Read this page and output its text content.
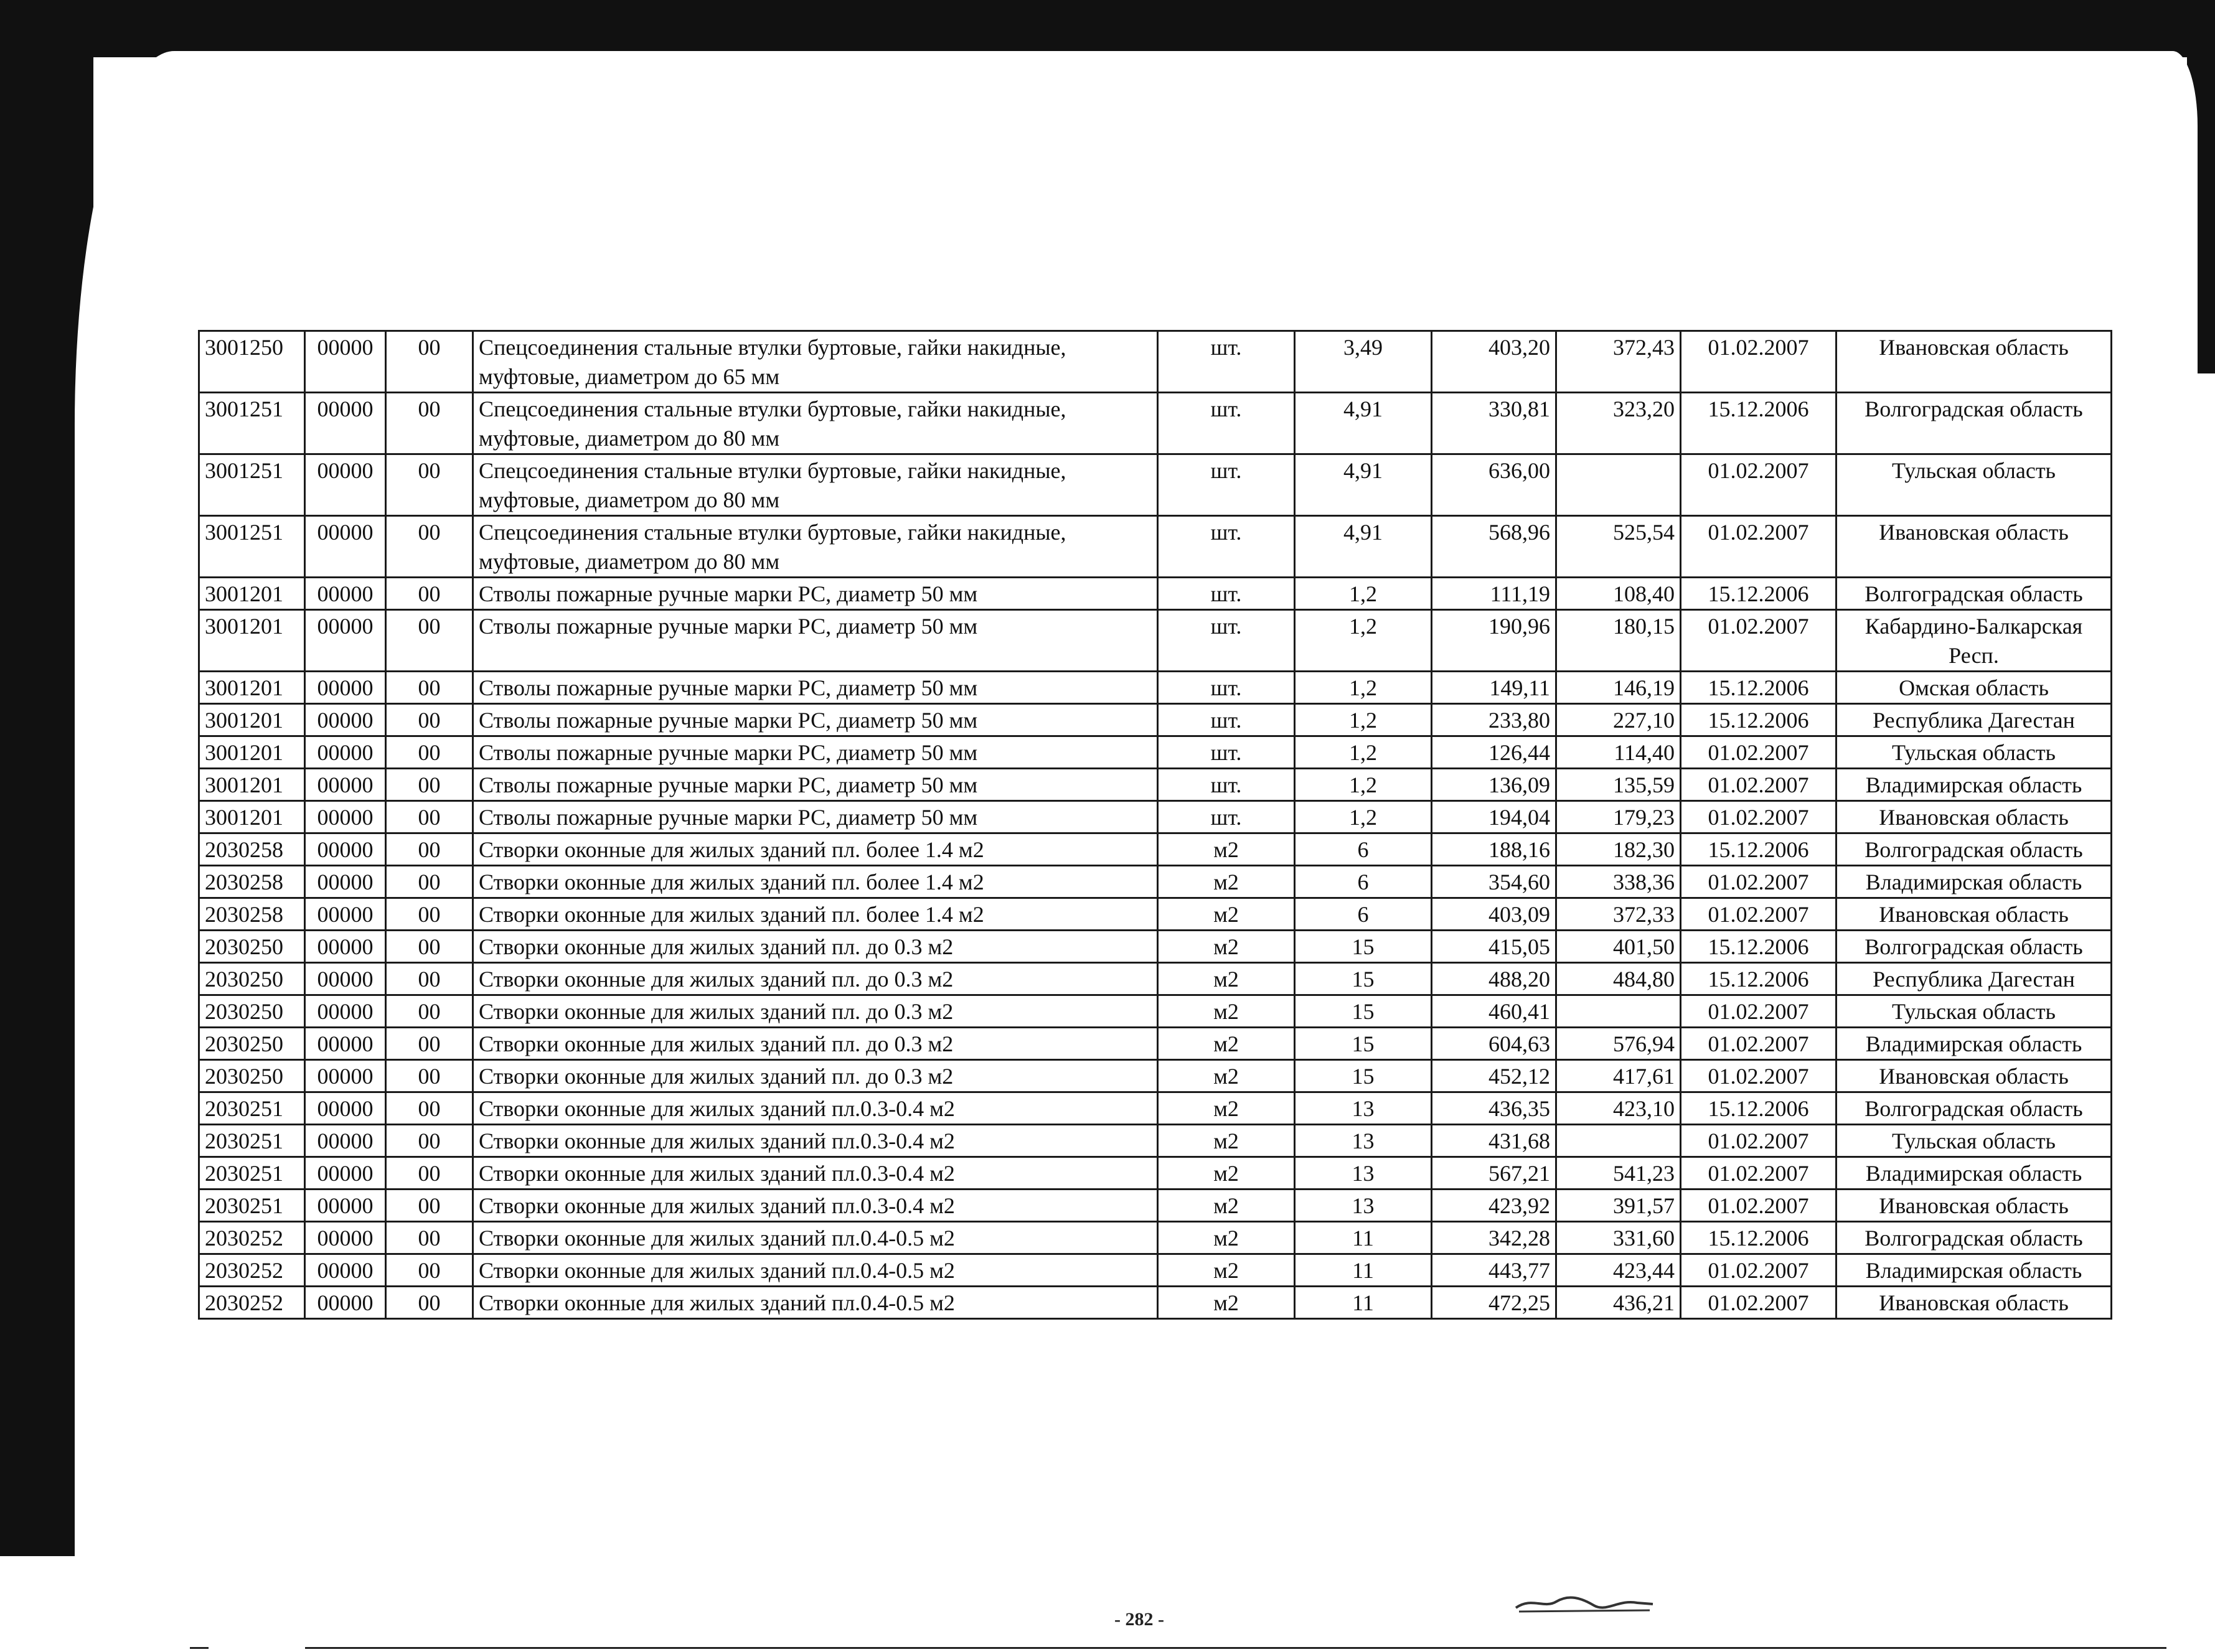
3001250	00000	00	Спецсоединения стальные втулки буртовые, гайки накидные, муфтовые, диаметром до 65 мм	шт.	3,49	403,20	372,43	01.02.2007	Ивановская область
3001251	00000	00	Спецсоединения стальные втулки буртовые, гайки накидные, муфтовые, диаметром до 80 мм	шт.	4,91	330,81	323,20	15.12.2006	Волгоградская область
3001251	00000	00	Спецсоединения стальные втулки буртовые, гайки накидные, муфтовые, диаметром до 80 мм	шт.	4,91	636,00		01.02.2007	Тульская область
3001251	00000	00	Спецсоединения стальные втулки буртовые, гайки накидные, муфтовые, диаметром до 80 мм	шт.	4,91	568,96	525,54	01.02.2007	Ивановская область
3001201	00000	00	Стволы пожарные ручные марки РС, диаметр 50 мм	шт.	1,2	111,19	108,40	15.12.2006	Волгоградская область
3001201	00000	00	Стволы пожарные ручные марки РС, диаметр 50 мм	шт.	1,2	190,96	180,15	01.02.2007	Кабардино-Балкарская Респ.
3001201	00000	00	Стволы пожарные ручные марки РС, диаметр 50 мм	шт.	1,2	149,11	146,19	15.12.2006	Омская область
3001201	00000	00	Стволы пожарные ручные марки РС, диаметр 50 мм	шт.	1,2	233,80	227,10	15.12.2006	Республика Дагестан
3001201	00000	00	Стволы пожарные ручные марки РС, диаметр 50 мм	шт.	1,2	126,44	114,40	01.02.2007	Тульская область
3001201	00000	00	Стволы пожарные ручные марки РС, диаметр 50 мм	шт.	1,2	136,09	135,59	01.02.2007	Владимирская область
3001201	00000	00	Стволы пожарные ручные марки РС, диаметр 50 мм	шт.	1,2	194,04	179,23	01.02.2007	Ивановская область
2030258	00000	00	Створки оконные для жилых зданий пл. более 1.4 м2	м2	6	188,16	182,30	15.12.2006	Волгоградская область
2030258	00000	00	Створки оконные для жилых зданий пл. более 1.4 м2	м2	6	354,60	338,36	01.02.2007	Владимирская область
2030258	00000	00	Створки оконные для жилых зданий пл. более 1.4 м2	м2	6	403,09	372,33	01.02.2007	Ивановская область
2030250	00000	00	Створки оконные для жилых зданий пл. до 0.3 м2	м2	15	415,05	401,50	15.12.2006	Волгоградская область
2030250	00000	00	Створки оконные для жилых зданий пл. до 0.3 м2	м2	15	488,20	484,80	15.12.2006	Республика Дагестан
2030250	00000	00	Створки оконные для жилых зданий пл. до 0.3 м2	м2	15	460,41		01.02.2007	Тульская область
2030250	00000	00	Створки оконные для жилых зданий пл. до 0.3 м2	м2	15	604,63	576,94	01.02.2007	Владимирская область
2030250	00000	00	Створки оконные для жилых зданий пл. до 0.3 м2	м2	15	452,12	417,61	01.02.2007	Ивановская область
2030251	00000	00	Створки оконные для жилых зданий пл.0.3-0.4 м2	м2	13	436,35	423,10	15.12.2006	Волгоградская область
2030251	00000	00	Створки оконные для жилых зданий пл.0.3-0.4 м2	м2	13	431,68		01.02.2007	Тульская область
2030251	00000	00	Створки оконные для жилых зданий пл.0.3-0.4 м2	м2	13	567,21	541,23	01.02.2007	Владимирская область
2030251	00000	00	Створки оконные для жилых зданий пл.0.3-0.4 м2	м2	13	423,92	391,57	01.02.2007	Ивановская область
2030252	00000	00	Створки оконные для жилых зданий пл.0.4-0.5 м2	м2	11	342,28	331,60	15.12.2006	Волгоградская область
2030252	00000	00	Створки оконные для жилых зданий пл.0.4-0.5 м2	м2	11	443,77	423,44	01.02.2007	Владимирская область
2030252	00000	00	Створки оконные для жилых зданий пл.0.4-0.5 м2	м2	11	472,25	436,21	01.02.2007	Ивановская область
- 282 -
